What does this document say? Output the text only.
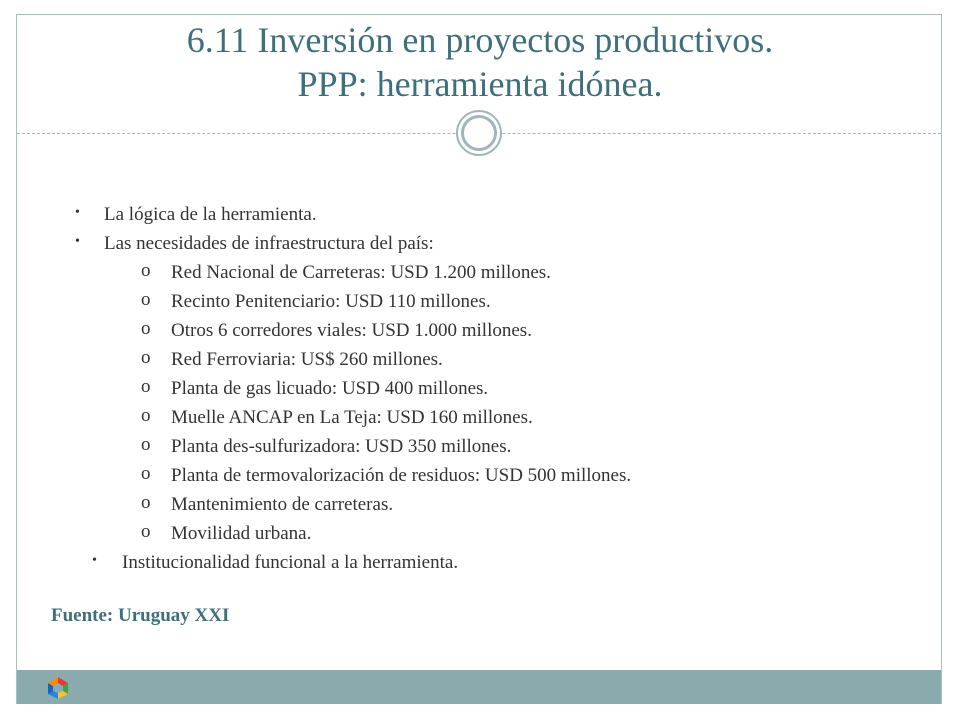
6.11 Inversión en proyectos productivos.
PPP: herramienta idónea.
• La lógica de la herramienta.
• Las necesidades de infraestructura del país:
o Red Nacional de Carreteras: USD 1.200 millones.
o Recinto Penitenciario: USD 110 millones.
o Otros 6 corredores viales: USD 1.000 millones.
o Red Ferroviaria: US$ 260 millones.
o Planta de gas licuado: USD 400 millones.
o Muelle ANCAP en La Teja: USD 160 millones.
o Planta des-sulfurizadora: USD 350 millones.
o Planta de termovalorización de residuos: USD 500 millones.
o Mantenimiento de carreteras.
o Movilidad urbana.
• Institucionalidad funcional a la herramienta.
Fuente: Uruguay XXI
